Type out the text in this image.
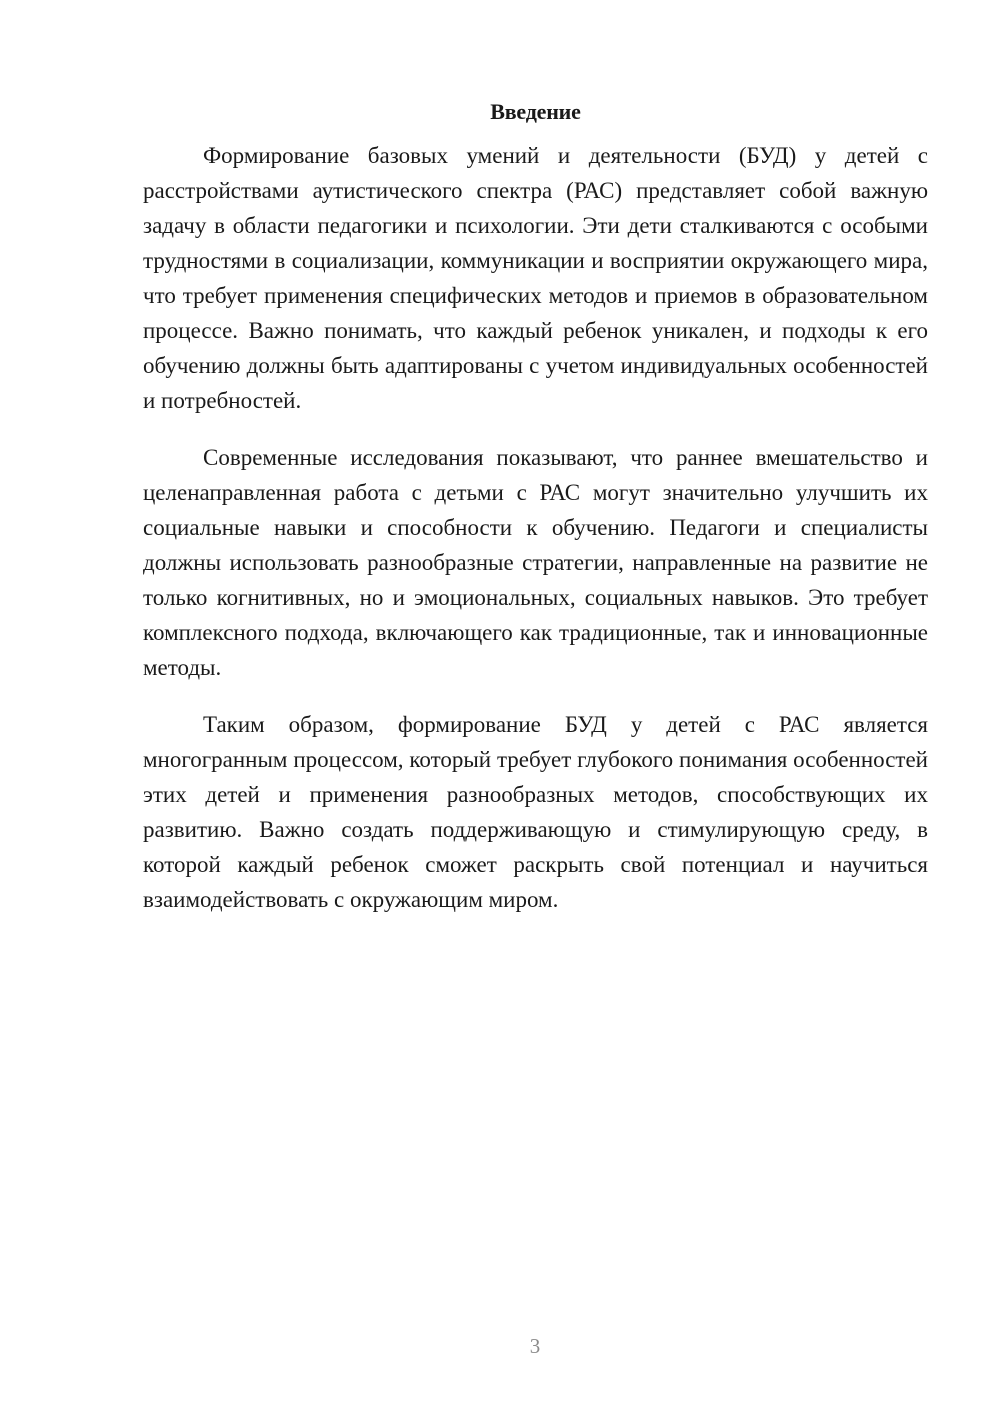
Введение

Формирование базовых умений и деятельности (БУД) у детей с расстройствами аутистического спектра (РАС) представляет собой важную задачу в области педагогики и психологии. Эти дети сталкиваются с особыми трудностями в социализации, коммуникации и восприятии окружающего мира, что требует применения специфических методов и приемов в образовательном процессе. Важно понимать, что каждый ребенок уникален, и подходы к его обучению должны быть адаптированы с учетом индивидуальных особенностей и потребностей.

Современные исследования показывают, что раннее вмешательство и целенаправленная работа с детьми с РАС могут значительно улучшить их социальные навыки и способности к обучению. Педагоги и специалисты должны использовать разнообразные стратегии, направленные на развитие не только когнитивных, но и эмоциональных, социальных навыков. Это требует комплексного подхода, включающего как традиционные, так и инновационные методы.

Таким образом, формирование БУД у детей с РАС является многогранным процессом, который требует глубокого понимания особенностей этих детей и применения разнообразных методов, способствующих их развитию. Важно создать поддерживающую и стимулирующую среду, в которой каждый ребенок сможет раскрыть свой потенциал и научиться взаимодействовать с окружающим миром.

3
